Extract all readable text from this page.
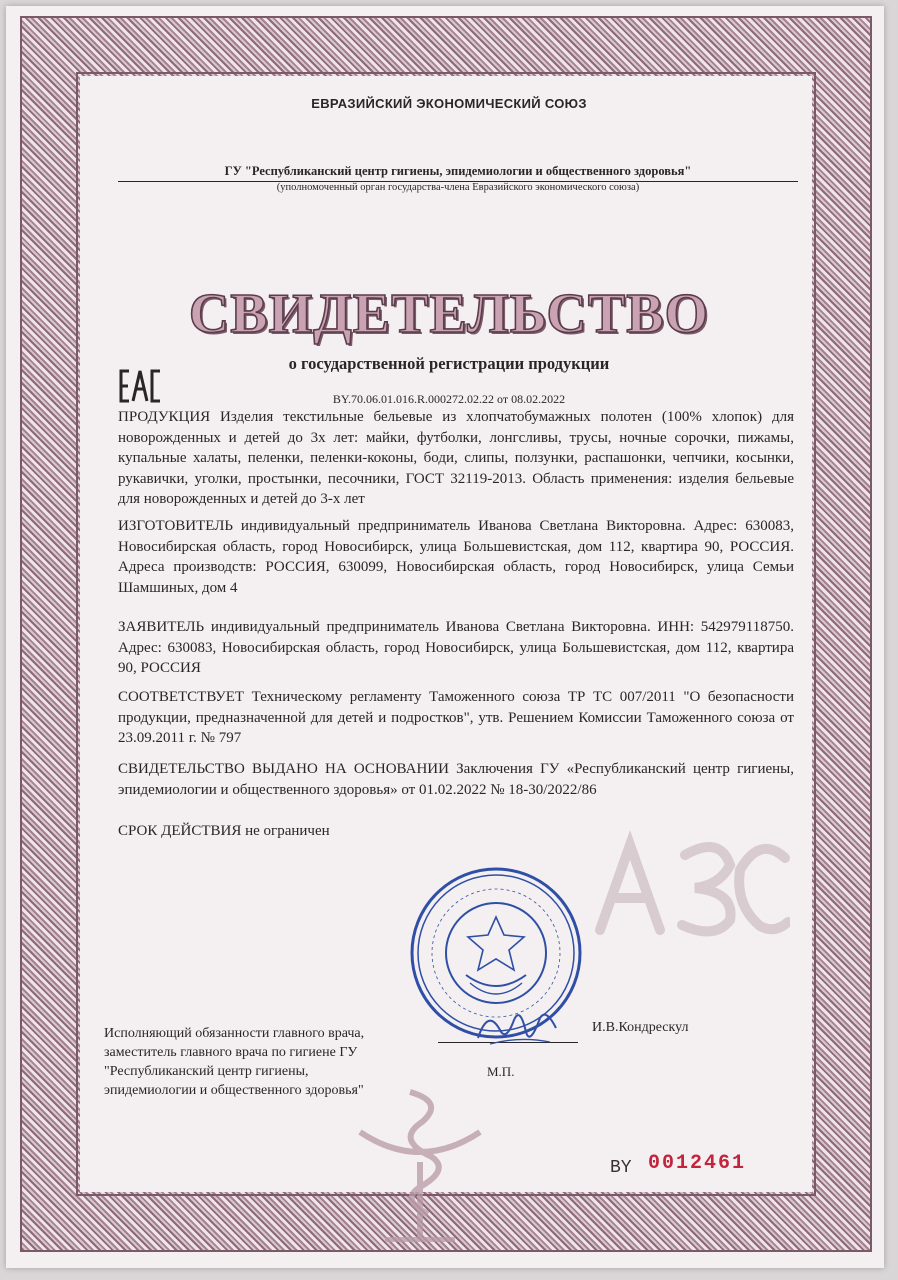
ЕВРАЗИЙСКИЙ ЭКОНОМИЧЕСКИЙ СОЮЗ
ГУ "Республиканский центр гигиены, эпидемиологии и общественного здоровья"
(уполномоченный орган государства-члена Евразийского экономического союза)
СВИДЕТЕЛЬСТВО
о государственной регистрации продукции
BY.70.06.01.016.R.000272.02.22 от 08.02.2022
ПРОДУКЦИЯ Изделия текстильные бельевые из хлопчатобумажных полотен (100% хлопок) для новорожденных и детей до 3х лет: майки, футболки, лонгсливы, трусы, ночные сорочки, пижамы, купальные халаты, пеленки, пеленки-коконы, боди, слипы, ползунки, распашонки, чепчики, косынки, рукавички, уголки, простынки, песочники, ГОСТ 32119-2013. Область применения: изделия бельевые для новорожденных и детей до 3-х лет
ИЗГОТОВИТЕЛЬ индивидуальный предприниматель Иванова Светлана Викторовна. Адрес: 630083, Новосибирская область, город Новосибирск, улица Большевистская, дом 112, квартира 90, РОССИЯ. Адреса производств: РОССИЯ, 630099, Новосибирская область, город Новосибирск, улица Семьи Шамшиных, дом 4
ЗАЯВИТЕЛЬ индивидуальный предприниматель Иванова Светлана Викторовна. ИНН: 542979118750. Адрес: 630083, Новосибирская область, город Новосибирск, улица Большевистская, дом 112, квартира 90, РОССИЯ
СООТВЕТСТВУЕТ Техническому регламенту Таможенного союза ТР ТС 007/2011 "О безопасности продукции, предназначенной для детей и подростков", утв. Решением Комиссии Таможенного союза от 23.09.2011 г. № 797
СВИДЕТЕЛЬСТВО ВЫДАНО НА ОСНОВАНИИ Заключения ГУ «Республиканский центр гигиены, эпидемиологии и общественного здоровья» от 01.02.2022 № 18-30/2022/86
СРОК ДЕЙСТВИЯ не ограничен
Исполняющий обязанности главного врача,
заместитель главного врача по гигиене ГУ
"Республиканский центр гигиены,
эпидемиологии и общественного здоровья"
И.В.Кондрескул
М.П.
BY 0012461
